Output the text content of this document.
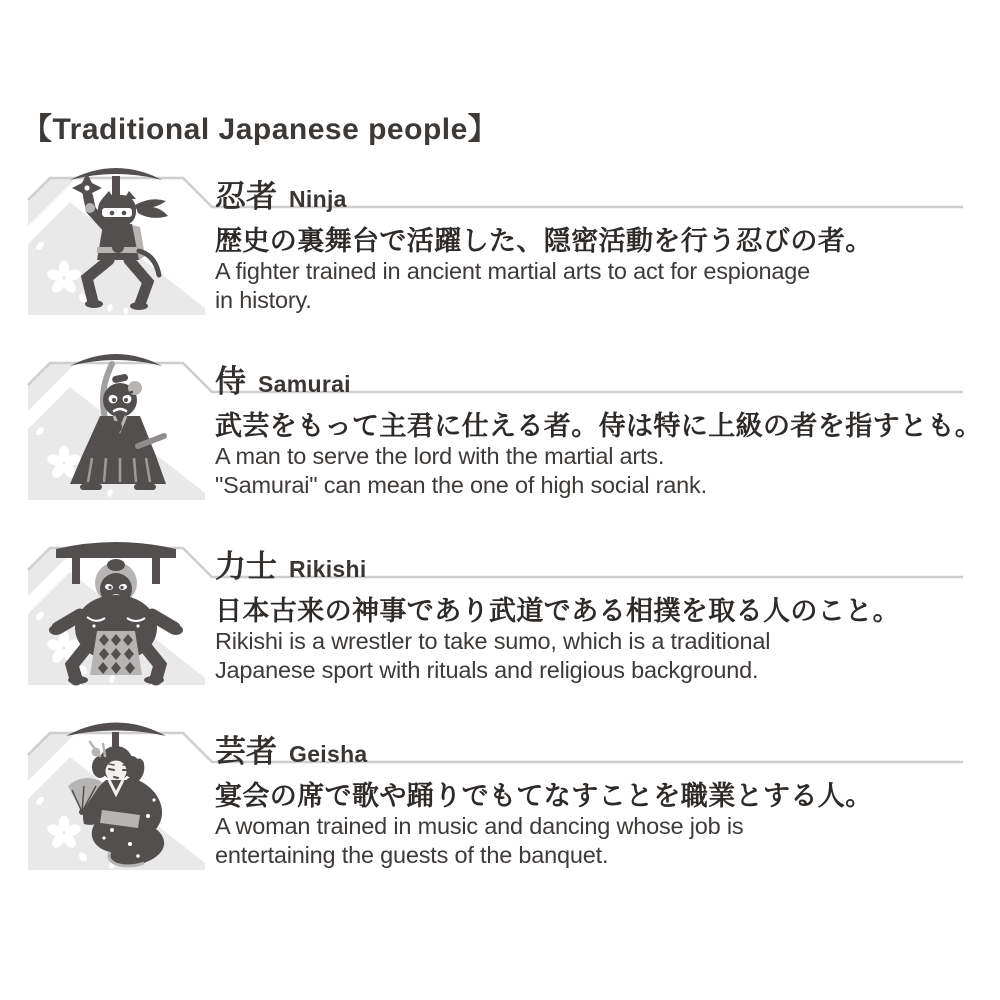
【Traditional Japanese people】
忍者 Ninja
歴史の裏舞台で活躍した、隠密活動を行う忍びの者。
A fighter trained in ancient martial arts to act for espionage
in history.
侍 Samurai
武芸をもって主君に仕える者。侍は特に上級の者を指すとも。
A man to serve the lord with the martial arts.
"Samurai" can mean the one of high social rank.
力士 Rikishi
日本古来の神事であり武道である相撲を取る人のこと。
Rikishi is a wrestler to take sumo, which is a traditional
Japanese sport with rituals and religious background.
芸者 Geisha
宴会の席で歌や踊りでもてなすことを職業とする人。
A woman trained in music and dancing whose job is
entertaining the guests of the banquet.
